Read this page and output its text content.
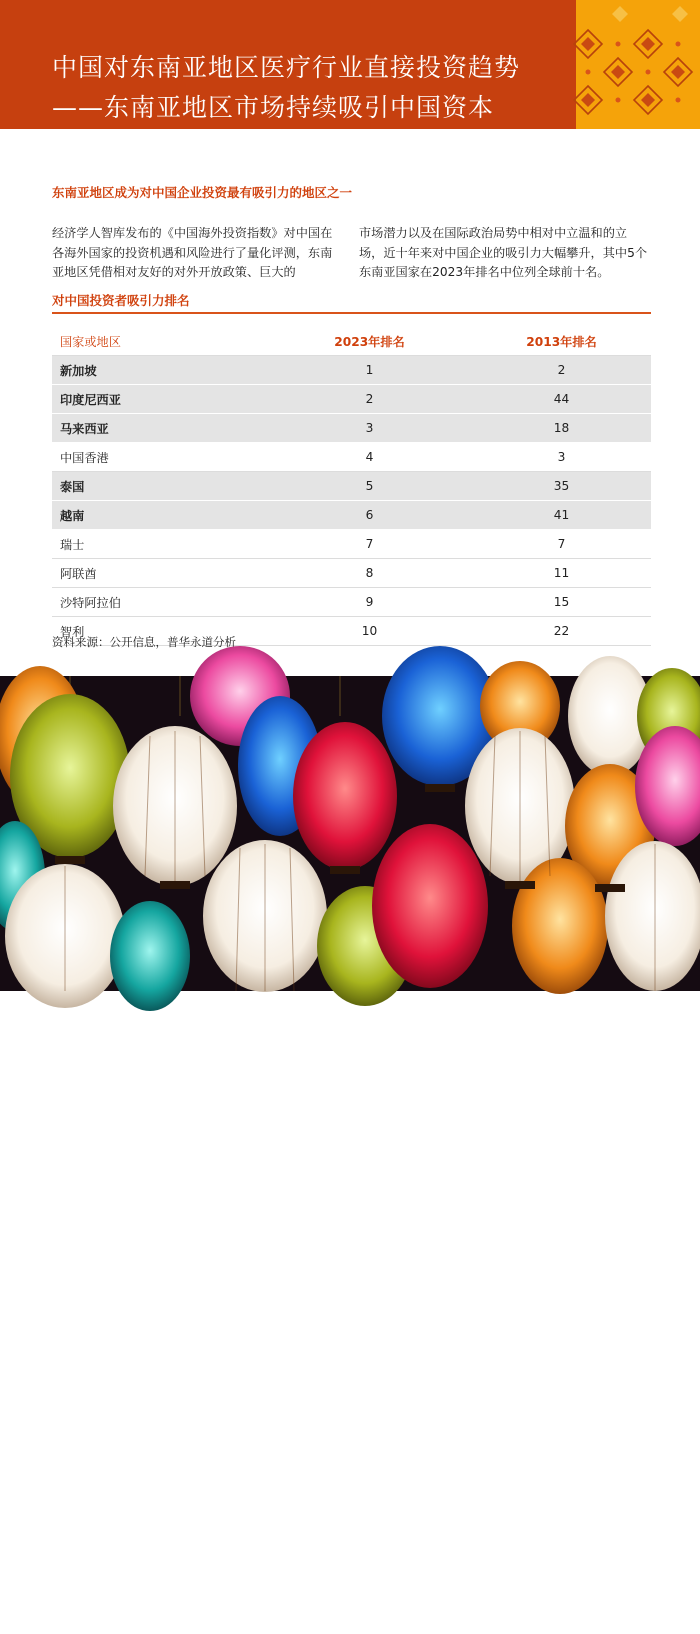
中国对东南亚地区医疗行业直接投资趋势
——东南亚地区市场持续吸引中国资本
东南亚地区成为对中国企业投资最有吸引力的地区之一
经济学人智库发布的《中国海外投资指数》对中国在各海外国家的投资机遇和风险进行了量化评测，东南亚地区凭借相对友好的对外开放政策、巨大的
市场潜力以及在国际政治局势中相对中立温和的立场，近十年来对中国企业的吸引力大幅攀升，其中5个东南亚国家在2023年排名中位列全球前十名。
对中国投资者吸引力排名
国家或地区	2023年排名	2013年排名
新加坡	1	2
印度尼西亚	2	44
马来西亚	3	18
中国香港	4	3
泰国	5	35
越南	6	41
瑞士	7	7
阿联酋	8	11
沙特阿拉伯	9	15
智利	10	22
资料来源：公开信息，普华永道分析
16
